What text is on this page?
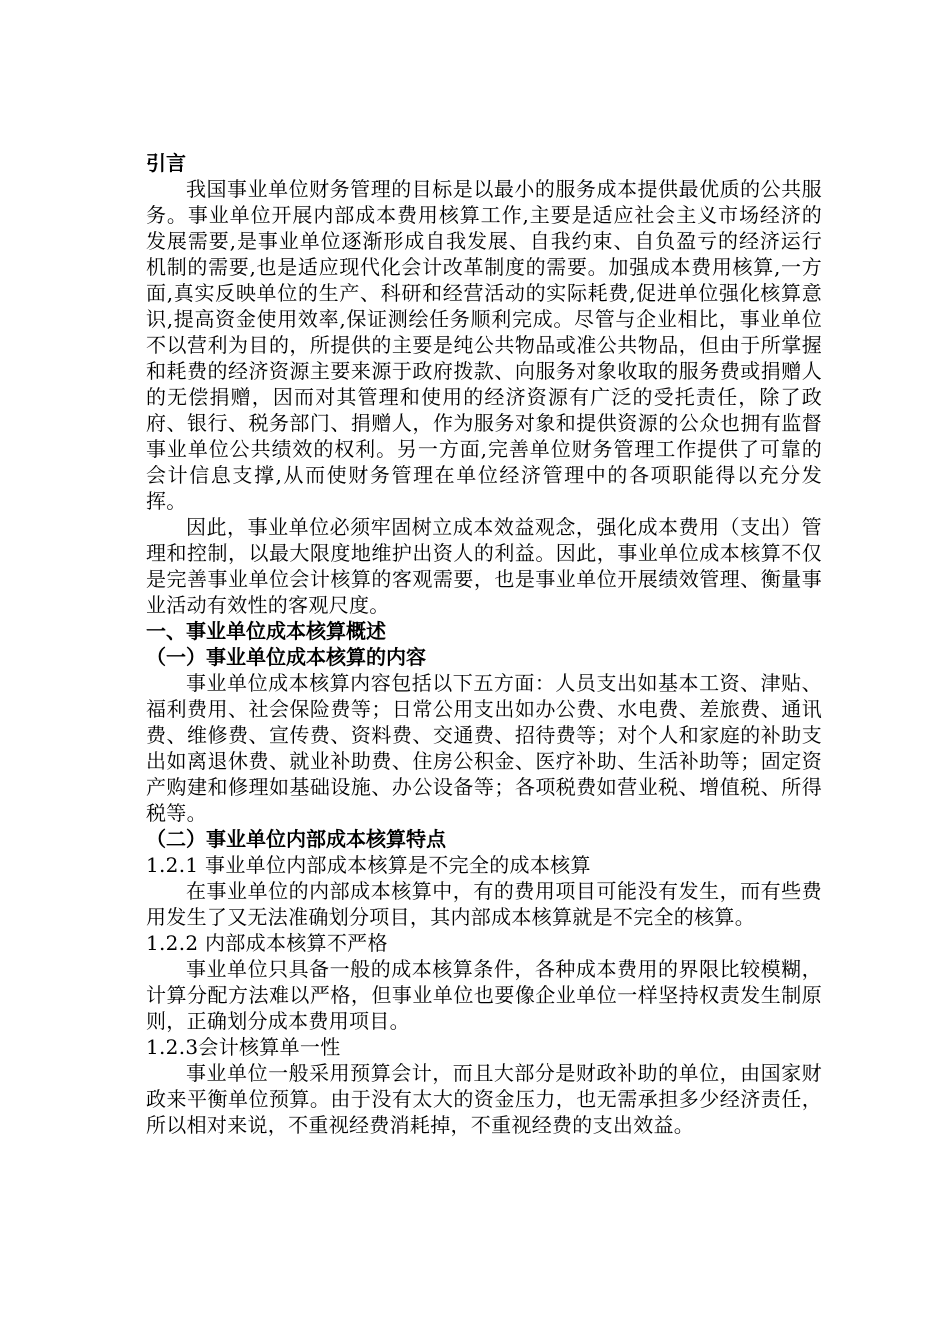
引言

我国事业单位财务管理的目标是以最小的服务成本提供最优质的公共服务。事业单位开展内部成本费用核算工作,主要是适应社会主义市场经济的发展需要,是事业单位逐渐形成自我发展、自我约束、自负盈亏的经济运行机制的需要,也是适应现代化会计改革制度的需要。加强成本费用核算,一方面,真实反映单位的生产、科研和经营活动的实际耗费,促进单位强化核算意识,提高资金使用效率,保证测绘任务顺利完成。尽管与企业相比，事业单位不以营利为目的，所提供的主要是纯公共物品或准公共物品，但由于所掌握和耗费的经济资源主要来源于政府拨款、向服务对象收取的服务费或捐赠人的无偿捐赠，因而对其管理和使用的经济资源有广泛的受托责任，除了政府、银行、税务部门、捐赠人，作为服务对象和提供资源的公众也拥有监督事业单位公共绩效的权利。另一方面,完善单位财务管理工作提供了可靠的会计信息支撑,从而使财务管理在单位经济管理中的各项职能得以充分发挥。

因此，事业单位必须牢固树立成本效益观念，强化成本费用（支出）管理和控制，以最大限度地维护出资人的利益。因此，事业单位成本核算不仅是完善事业单位会计核算的客观需要，也是事业单位开展绩效管理、衡量事业活动有效性的客观尺度。

一、事业单位成本核算概述

（一）事业单位成本核算的内容

事业单位成本核算内容包括以下五方面：人员支出如基本工资、津贴、福利费用、社会保险费等；日常公用支出如办公费、水电费、差旅费、通讯费、维修费、宣传费、资料费、交通费、招待费等；对个人和家庭的补助支出如离退休费、就业补助费、住房公积金、医疗补助、生活补助等；固定资产购建和修理如基础设施、办公设备等；各项税费如营业税、增值税、所得税等。

（二）事业单位内部成本核算特点

1.2.1 事业单位内部成本核算是不完全的成本核算

在事业单位的内部成本核算中，有的费用项目可能没有发生，而有些费用发生了又无法准确划分项目，其内部成本核算就是不完全的核算。

1.2.2 内部成本核算不严格

事业单位只具备一般的成本核算条件，各种成本费用的界限比较模糊，计算分配方法难以严格，但事业单位也要像企业单位一样坚持权责发生制原则，正确划分成本费用项目。

1.2.3会计核算单一性

事业单位一般采用预算会计，而且大部分是财政补助的单位，由国家财政来平衡单位预算。由于没有太大的资金压力，也无需承担多少经济责任，所以相对来说，不重视经费消耗掉，不重视经费的支出效益。
